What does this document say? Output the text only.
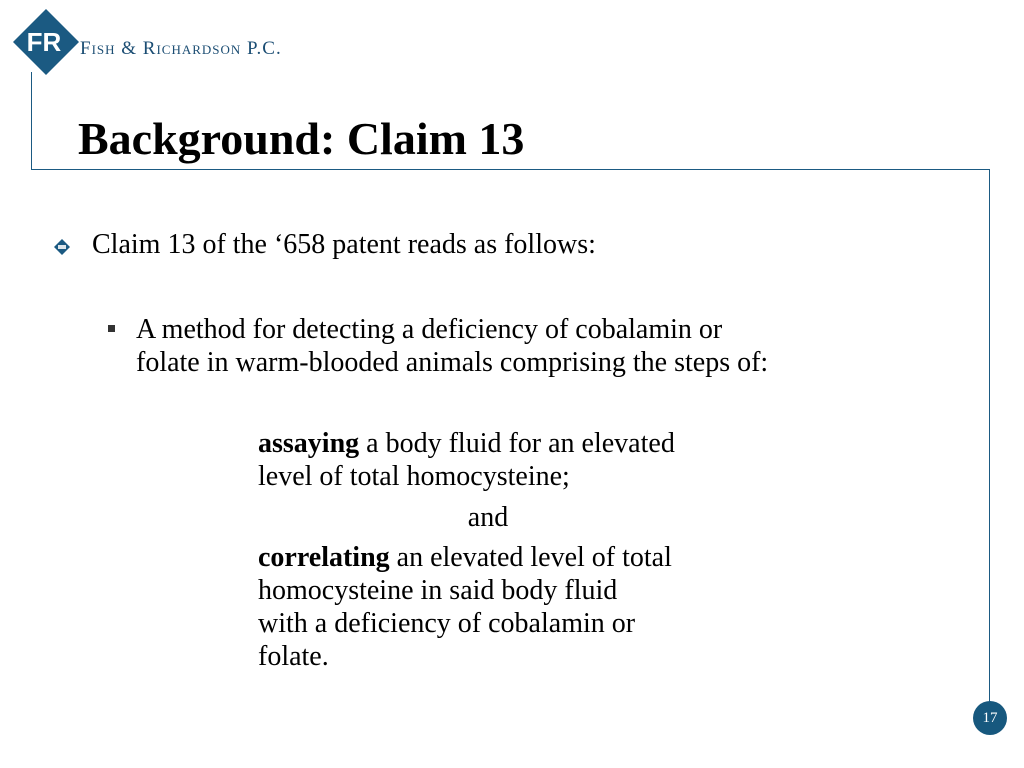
FR Fish & Richardson P.C.
Background: Claim 13
Claim 13 of the ‘658 patent reads as follows:
A method for detecting a deficiency of cobalamin or
folate in warm-blooded animals comprising the steps of:
assaying a body fluid for an elevated
level of total homocysteine;
and
correlating an elevated level of total
homocysteine in said body fluid
with a deficiency of cobalamin or
folate.
17
